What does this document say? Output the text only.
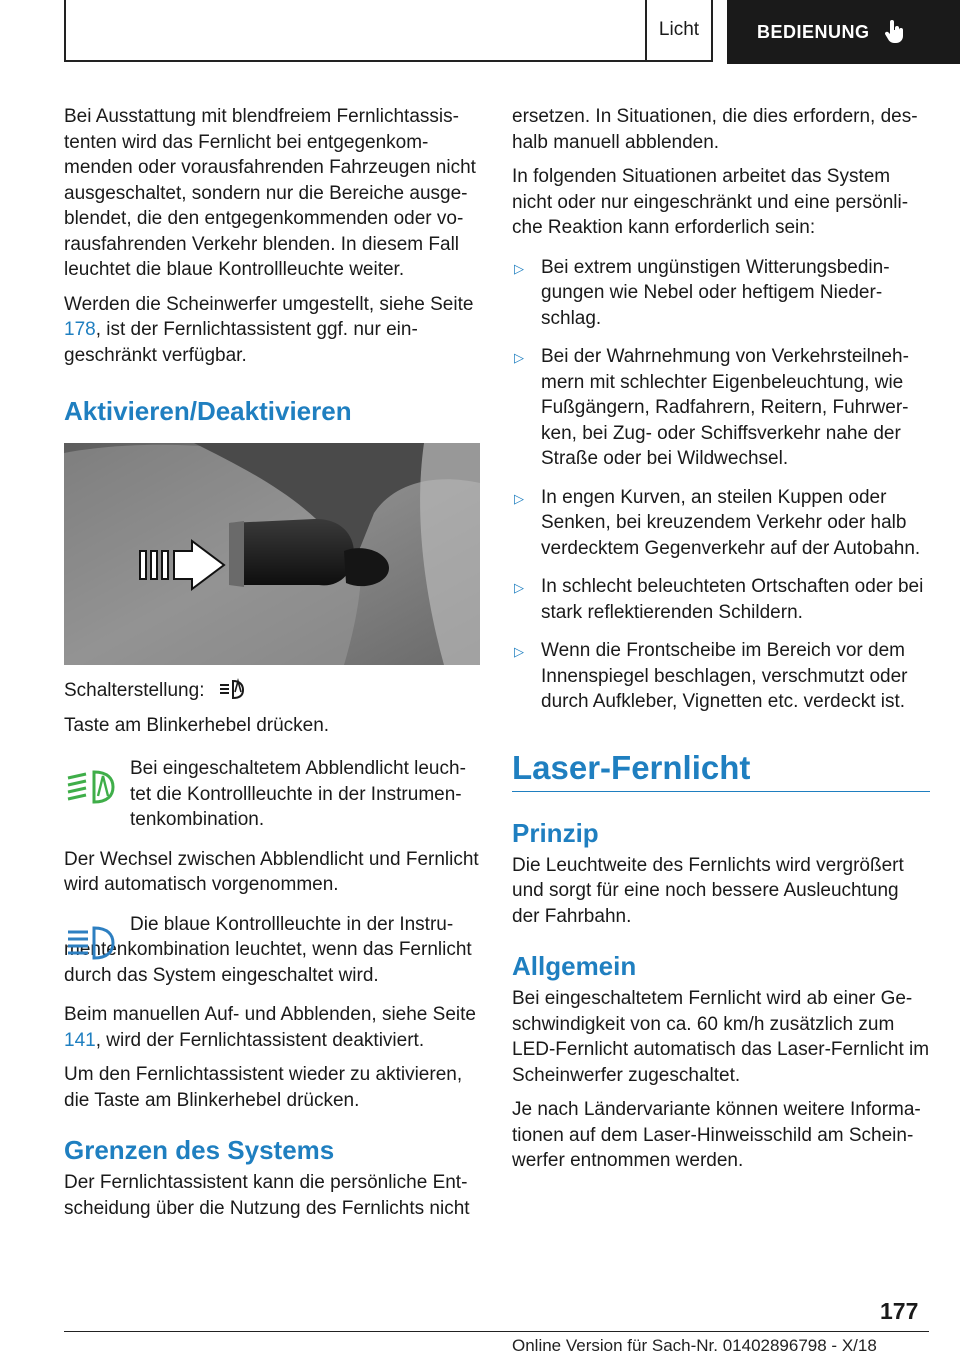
Licht	BEDIENUNG

Bei Ausstattung mit blendfreiem Fernlichtassistenten wird das Fernlicht bei entgegenkommenden oder vorausfahrenden Fahrzeugen nicht ausgeschaltet, sondern nur die Bereiche ausgeblendet, die den entgegenkommenden oder vorausfahrenden Verkehr blenden. In diesem Fall leuchtet die blaue Kontrollleuchte weiter.

Werden die Scheinwerfer umgestellt, siehe Seite 178, ist der Fernlichtassistent ggf. nur eingeschränkt verfügbar.

Aktivieren/Deaktivieren

Schalterstellung:

Taste am Blinkerhebel drücken.

Bei eingeschaltetem Abblendlicht leuchtet die Kontrollleuchte in der Instrumentenkombination.

Der Wechsel zwischen Abblendlicht und Fernlicht wird automatisch vorgenommen.

Die blaue Kontrollleuchte in der Instrumentenkombination leuchtet, wenn das Fernlicht durch das System eingeschaltet wird.

Beim manuellen Auf- und Abblenden, siehe Seite 141, wird der Fernlichtassistent deaktiviert.

Um den Fernlichtassistent wieder zu aktivieren, die Taste am Blinkerhebel drücken.

Grenzen des Systems

Der Fernlichtassistent kann die persönliche Entscheidung über die Nutzung des Fernlichts nicht

ersetzen. In Situationen, die dies erfordern, deshalb manuell abblenden.

In folgenden Situationen arbeitet das System nicht oder nur eingeschränkt und eine persönliche Reaktion kann erforderlich sein:

▷ Bei extrem ungünstigen Witterungsbedingungen wie Nebel oder heftigem Niederschlag.
▷ Bei der Wahrnehmung von Verkehrsteilnehmern mit schlechter Eigenbeleuchtung, wie Fußgängern, Radfahrern, Reitern, Fuhrwerken, bei Zug- oder Schiffsverkehr nahe der Straße oder bei Wildwechsel.
▷ In engen Kurven, an steilen Kuppen oder Senken, bei kreuzendem Verkehr oder halb verdecktem Gegenverkehr auf der Autobahn.
▷ In schlecht beleuchteten Ortschaften oder bei stark reflektierenden Schildern.
▷ Wenn die Frontscheibe im Bereich vor dem Innenspiegel beschlagen, verschmutzt oder durch Aufkleber, Vignetten etc. verdeckt ist.
Laser-Fernlicht
Prinzip

Die Leuchtweite des Fernlichts wird vergrößert und sorgt für eine noch bessere Ausleuchtung der Fahrbahn.

Allgemein

Bei eingeschaltetem Fernlicht wird ab einer Geschwindigkeit von ca. 60 km/h zusätzlich zum LED-Fernlicht automatisch das Laser-Fernlicht im Scheinwerfer zugeschaltet.

Je nach Ländervariante können weitere Informationen auf dem Laser-Hinweisschild am Scheinwerfer entnommen werden.

177
Online Version für Sach-Nr. 01402896798 - X/18
